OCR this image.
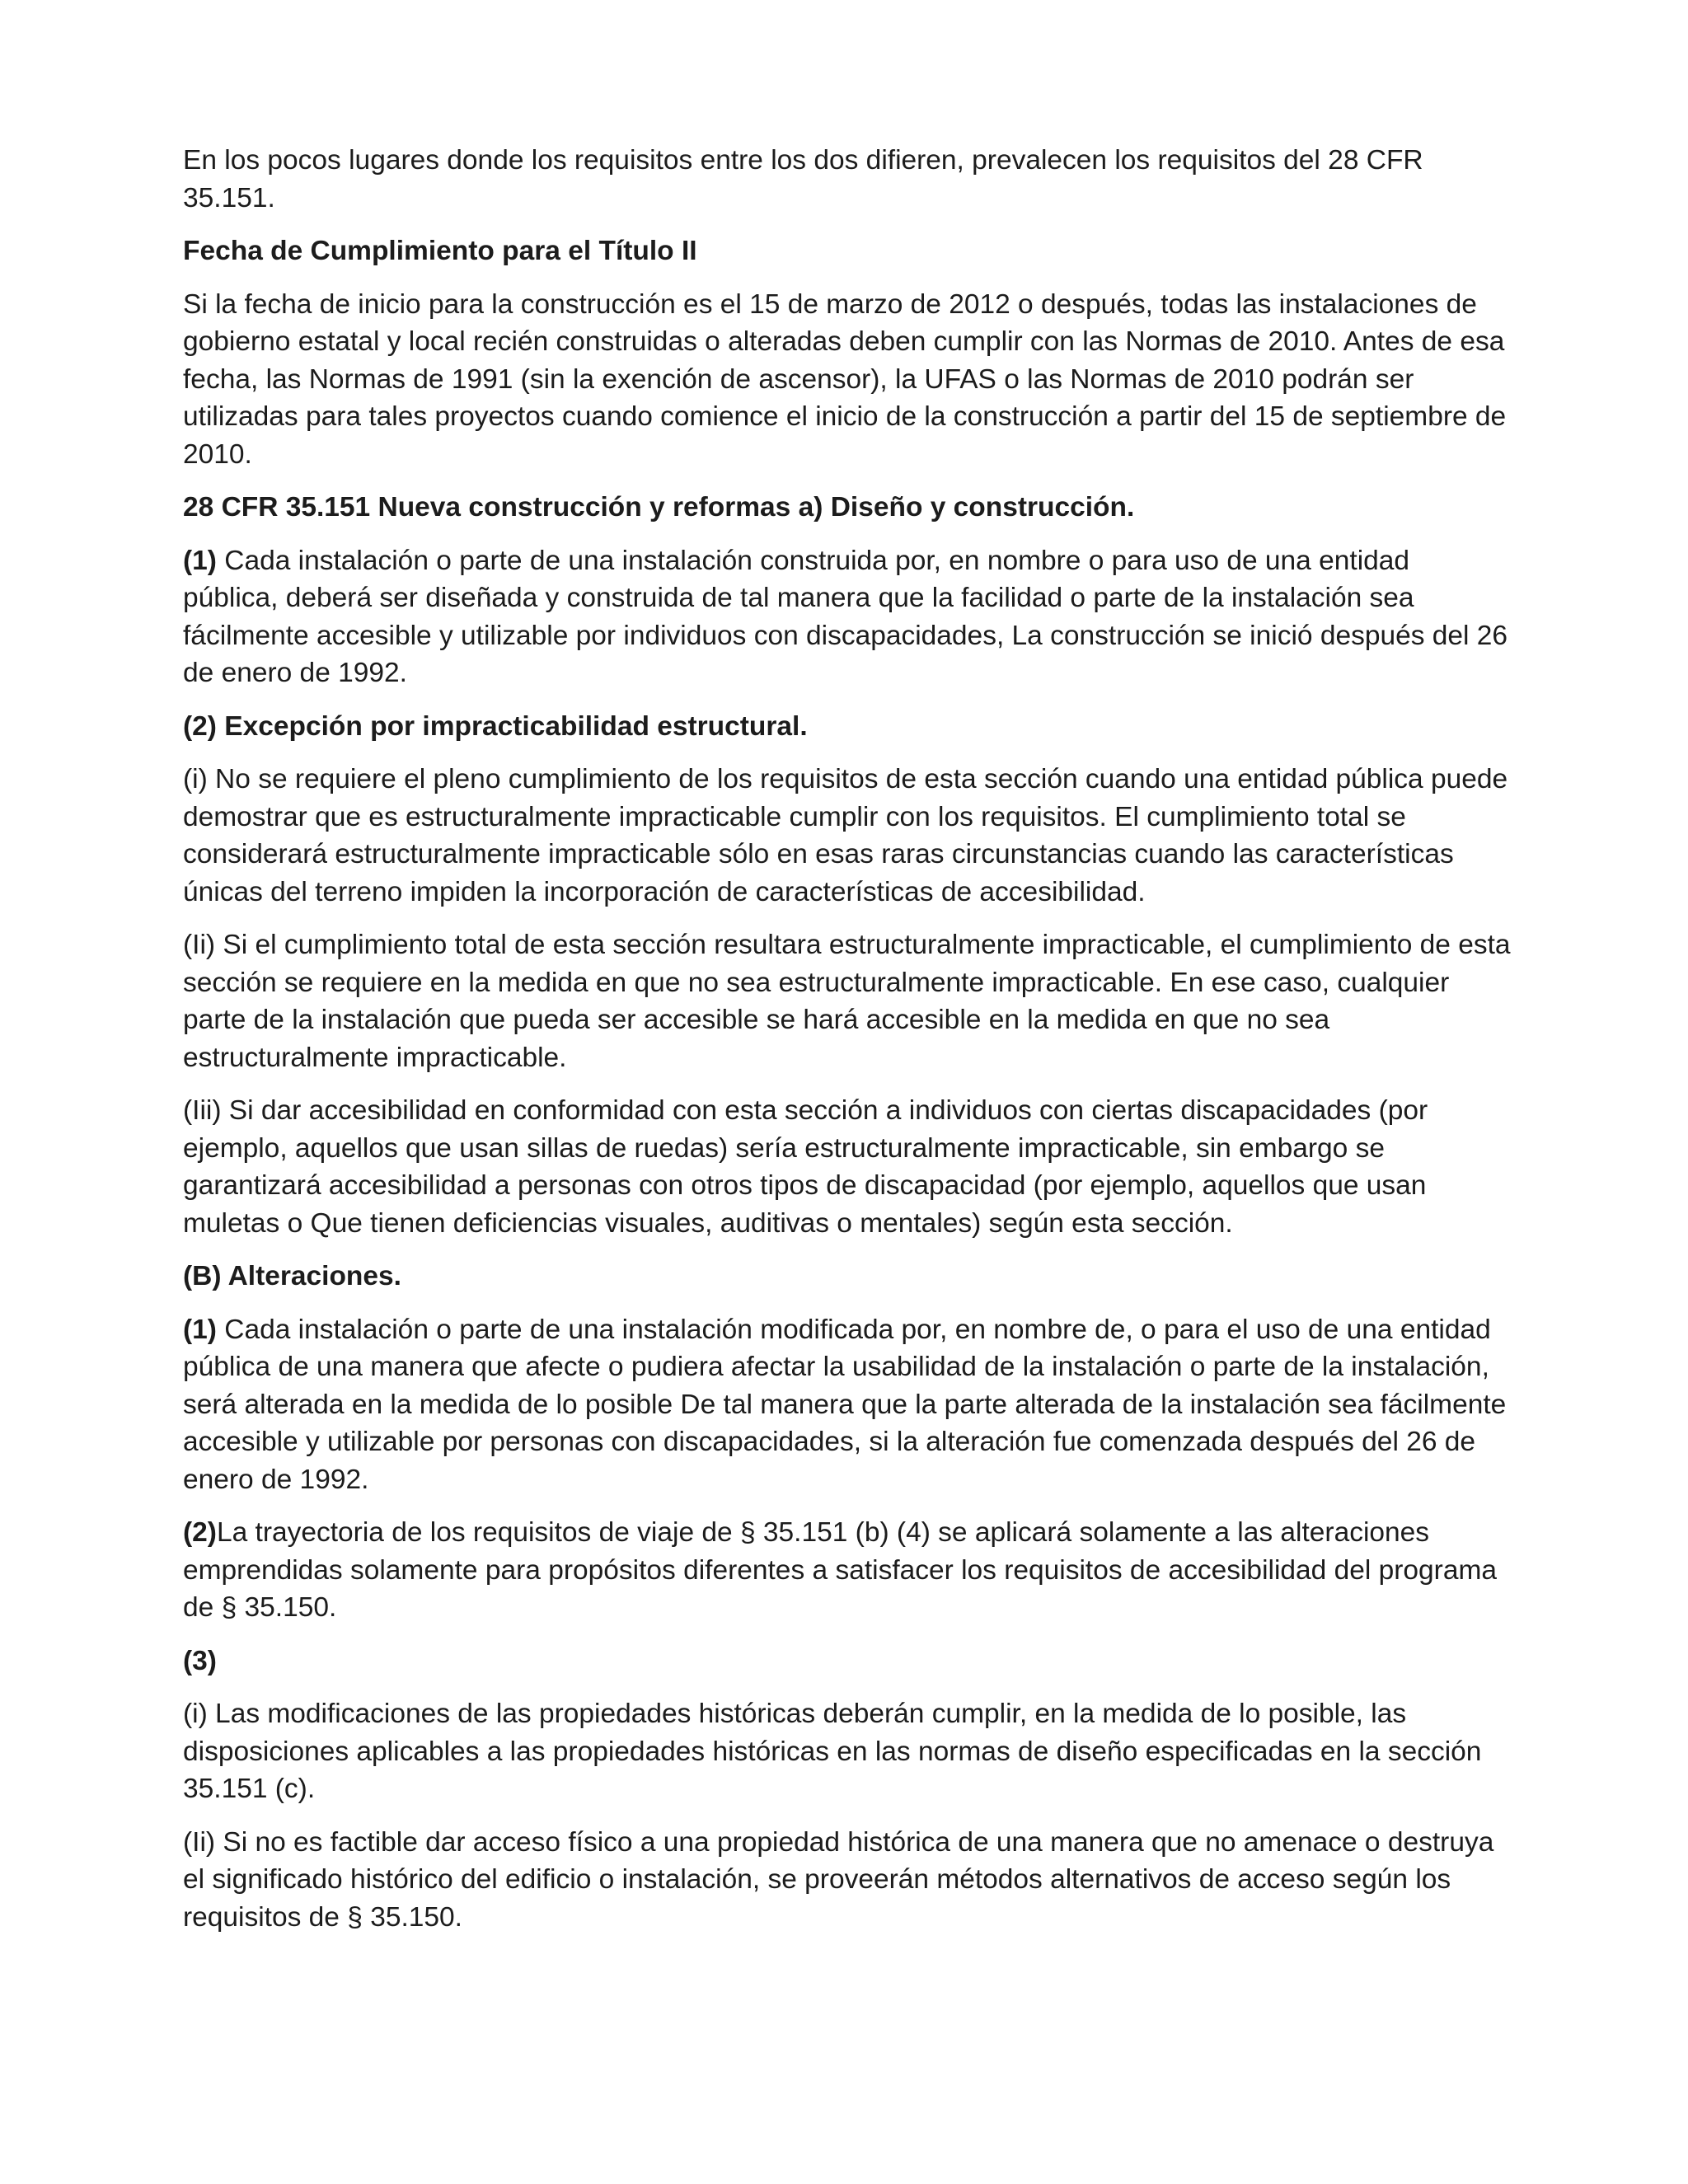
En los pocos lugares donde los requisitos entre los dos difieren, prevalecen los requisitos del 28 CFR 35.151.

Fecha de Cumplimiento para el Título II

Si la fecha de inicio para la construcción es el 15 de marzo de 2012 o después, todas las instalaciones de gobierno estatal y local recién construidas o alteradas deben cumplir con las Normas de 2010. Antes de esa fecha, las Normas de 1991 (sin la exención de ascensor), la UFAS o las Normas de 2010 podrán ser utilizadas para tales proyectos cuando comience el inicio de la construcción a partir del 15 de septiembre de 2010.

28 CFR 35.151 Nueva construcción y reformas a) Diseño y construcción.

(1) Cada instalación o parte de una instalación construida por, en nombre o para uso de una entidad pública, deberá ser diseñada y construida de tal manera que la facilidad o parte de la instalación sea fácilmente accesible y utilizable por individuos con discapacidades, La construcción se inició después del 26 de enero de 1992.

(2) Excepción por impracticabilidad estructural.

(i) No se requiere el pleno cumplimiento de los requisitos de esta sección cuando una entidad pública puede demostrar que es estructuralmente impracticable cumplir con los requisitos. El cumplimiento total se considerará estructuralmente impracticable sólo en esas raras circunstancias cuando las características únicas del terreno impiden la incorporación de características de accesibilidad.

(Ii) Si el cumplimiento total de esta sección resultara estructuralmente impracticable, el cumplimiento de esta sección se requiere en la medida en que no sea estructuralmente impracticable. En ese caso, cualquier parte de la instalación que pueda ser accesible se hará accesible en la medida en que no sea estructuralmente impracticable.

(Iii) Si dar accesibilidad en conformidad con esta sección a individuos con ciertas discapacidades (por ejemplo, aquellos que usan sillas de ruedas) sería estructuralmente impracticable, sin embargo se garantizará accesibilidad a personas con otros tipos de discapacidad (por ejemplo, aquellos que usan muletas o Que tienen deficiencias visuales, auditivas o mentales) según esta sección.

(B) Alteraciones.

(1) Cada instalación o parte de una instalación modificada por, en nombre de, o para el uso de una entidad pública de una manera que afecte o pudiera afectar la usabilidad de la instalación o parte de la instalación, será alterada en la medida de lo posible De tal manera que la parte alterada de la instalación sea fácilmente accesible y utilizable por personas con discapacidades, si la alteración fue comenzada después del 26 de enero de 1992.

(2)La trayectoria de los requisitos de viaje de § 35.151 (b) (4) se aplicará solamente a las alteraciones emprendidas solamente para propósitos diferentes a satisfacer los requisitos de accesibilidad del programa de § 35.150.

(3)

(i) Las modificaciones de las propiedades históricas deberán cumplir, en la medida de lo posible, las disposiciones aplicables a las propiedades históricas en las normas de diseño especificadas en la sección 35.151 (c).

(Ii) Si no es factible dar acceso físico a una propiedad histórica de una manera que no amenace o destruya el significado histórico del edificio o instalación, se proveerán métodos alternativos de acceso según los requisitos de § 35.150.
